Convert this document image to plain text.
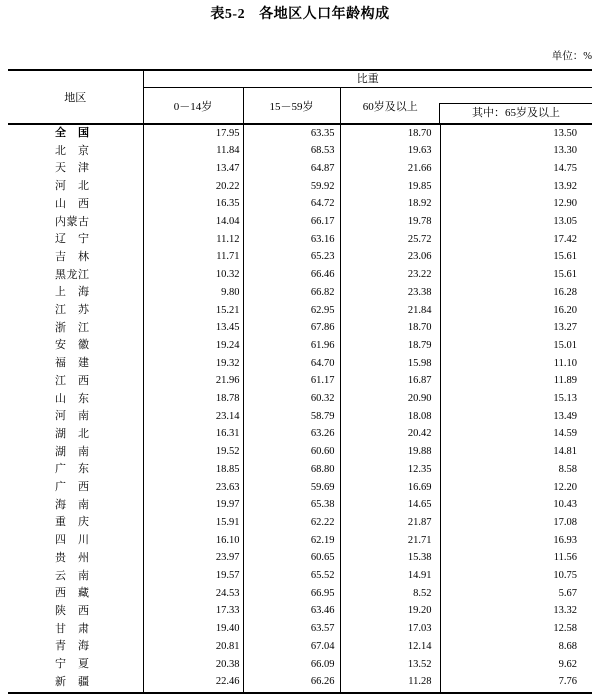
表5-2 各地区人口年龄构成
单位：%
地区	比重			
	0－14岁	15－59岁	60岁及以上	其中：65岁及以上

全国	17.95	63.35	18.70	13.50
北京	11.84	68.53	19.63	13.30
天津	13.47	64.87	21.66	14.75
河北	20.22	59.92	19.85	13.92
山西	16.35	64.72	18.92	12.90
内蒙古	14.04	66.17	19.78	13.05
辽宁	11.12	63.16	25.72	17.42
吉林	11.71	65.23	23.06	15.61
黑龙江	10.32	66.46	23.22	15.61
上海	9.80	66.82	23.38	16.28
江苏	15.21	62.95	21.84	16.20
浙江	13.45	67.86	18.70	13.27
安徽	19.24	61.96	18.79	15.01
福建	19.32	64.70	15.98	11.10
江西	21.96	61.17	16.87	11.89
山东	18.78	60.32	20.90	15.13
河南	23.14	58.79	18.08	13.49
湖北	16.31	63.26	20.42	14.59
湖南	19.52	60.60	19.88	14.81
广东	18.85	68.80	12.35	8.58
广西	23.63	59.69	16.69	12.20
海南	19.97	65.38	14.65	10.43
重庆	15.91	62.22	21.87	17.08
四川	16.10	62.19	21.71	16.93
贵州	23.97	60.65	15.38	11.56
云南	19.57	65.52	14.91	10.75
西藏	24.53	66.95	8.52	5.67
陕西	17.33	63.46	19.20	13.32
甘肃	19.40	63.57	17.03	12.58
青海	20.81	67.04	12.14	8.68
宁夏	20.38	66.09	13.52	9.62
新疆	22.46	66.26	11.28	7.76
